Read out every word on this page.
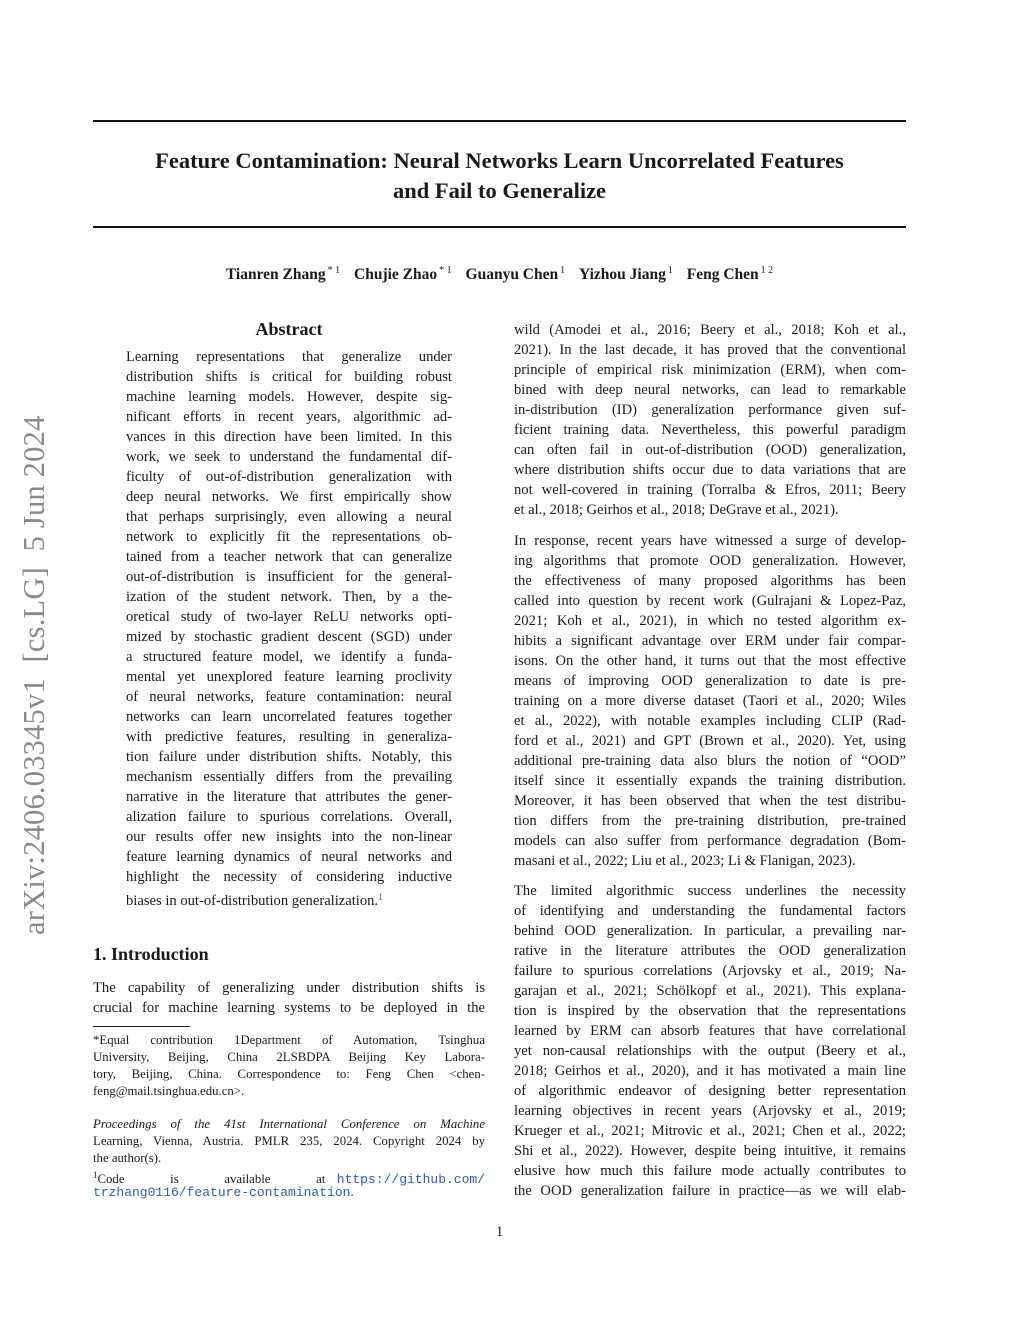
Feature Contamination: Neural Networks Learn Uncorrelated Features
and Fail to Generalize
Tianren Zhang $^{* 1}$ Chujie Zhao $^{* 1}$ Guanyu Chen $^1$ Yizhou Jiang $^1$ Feng Chen $^{1 2}$
arXiv:2406.03345v1  [cs.LG]  5 Jun 2024
Abstract
Learning representations that generalize under
distribution shifts is critical for building robust
machine learning models. However, despite sig-
nificant efforts in recent years, algorithmic ad-
vances in this direction have been limited. In this
work, we seek to understand the fundamental dif-
ficulty of out-of-distribution generalization with
deep neural networks. We first empirically show
that perhaps surprisingly, even allowing a neural
network to explicitly fit the representations ob-
tained from a teacher network that can generalize
out-of-distribution is insufficient for the general-
ization of the student network. Then, by a the-
oretical study of two-layer ReLU networks opti-
mized by stochastic gradient descent (SGD) under
a structured feature model, we identify a funda-
mental yet unexplored feature learning proclivity
of neural networks, feature contamination: neural
networks can learn uncorrelated features together
with predictive features, resulting in generaliza-
tion failure under distribution shifts. Notably, this
mechanism essentially differs from the prevailing
narrative in the literature that attributes the gener-
alization failure to spurious correlations. Overall,
our results offer new insights into the non-linear
feature learning dynamics of neural networks and
highlight the necessity of considering inductive
biases in out-of-distribution generalization.$^1$
1. Introduction
The capability of generalizing under distribution shifts is
crucial for machine learning systems to be deployed in the
*Equal contribution 1Department of Automation, Tsinghua
University, Beijing, China 2LSBDPA Beijing Key Labora-
tory, Beijing, China. Correspondence to: Feng Chen <chen-
feng@mail.tsinghua.edu.cn>.
Proceedings of the 41st International Conference on Machine
Learning, Vienna, Austria. PMLR 235, 2024. Copyright 2024 by
the author(s).
$^1$Code    is    available    at https://github.com/
trzhang0116/feature-contamination.
wild (Amodei et al., 2016; Beery et al., 2018; Koh et al.,
2021). In the last decade, it has proved that the conventional
principle of empirical risk minimization (ERM), when com-
bined with deep neural networks, can lead to remarkable
in-distribution (ID) generalization performance given suf-
ficient training data. Nevertheless, this powerful paradigm
can often fail in out-of-distribution (OOD) generalization,
where distribution shifts occur due to data variations that are
not well-covered in training (Torralba & Efros, 2011; Beery
et al., 2018; Geirhos et al., 2018; DeGrave et al., 2021).
In response, recent years have witnessed a surge of develop-
ing algorithms that promote OOD generalization. However,
the effectiveness of many proposed algorithms has been
called into question by recent work (Gulrajani & Lopez-Paz,
2021; Koh et al., 2021), in which no tested algorithm ex-
hibits a significant advantage over ERM under fair compar-
isons. On the other hand, it turns out that the most effective
means of improving OOD generalization to date is pre-
training on a more diverse dataset (Taori et al., 2020; Wiles
et al., 2022), with notable examples including CLIP (Rad-
ford et al., 2021) and GPT (Brown et al., 2020). Yet, using
additional pre-training data also blurs the notion of “OOD”
itself since it essentially expands the training distribution.
Moreover, it has been observed that when the test distribu-
tion differs from the pre-training distribution, pre-trained
models can also suffer from performance degradation (Bom-
masani et al., 2022; Liu et al., 2023; Li & Flanigan, 2023).
The limited algorithmic success underlines the necessity
of identifying and understanding the fundamental factors
behind OOD generalization. In particular, a prevailing nar-
rative in the literature attributes the OOD generalization
failure to spurious correlations (Arjovsky et al., 2019; Na-
garajan et al., 2021; Schölkopf et al., 2021). This explana-
tion is inspired by the observation that the representations
learned by ERM can absorb features that have correlational
yet non-causal relationships with the output (Beery et al.,
2018; Geirhos et al., 2020), and it has motivated a main line
of algorithmic endeavor of designing better representation
learning objectives in recent years (Arjovsky et al., 2019;
Krueger et al., 2021; Mitrovic et al., 2021; Chen et al., 2022;
Shi et al., 2022). However, despite being intuitive, it remains
elusive how much this failure mode actually contributes to
the OOD generalization failure in practice—as we will elab-
1
